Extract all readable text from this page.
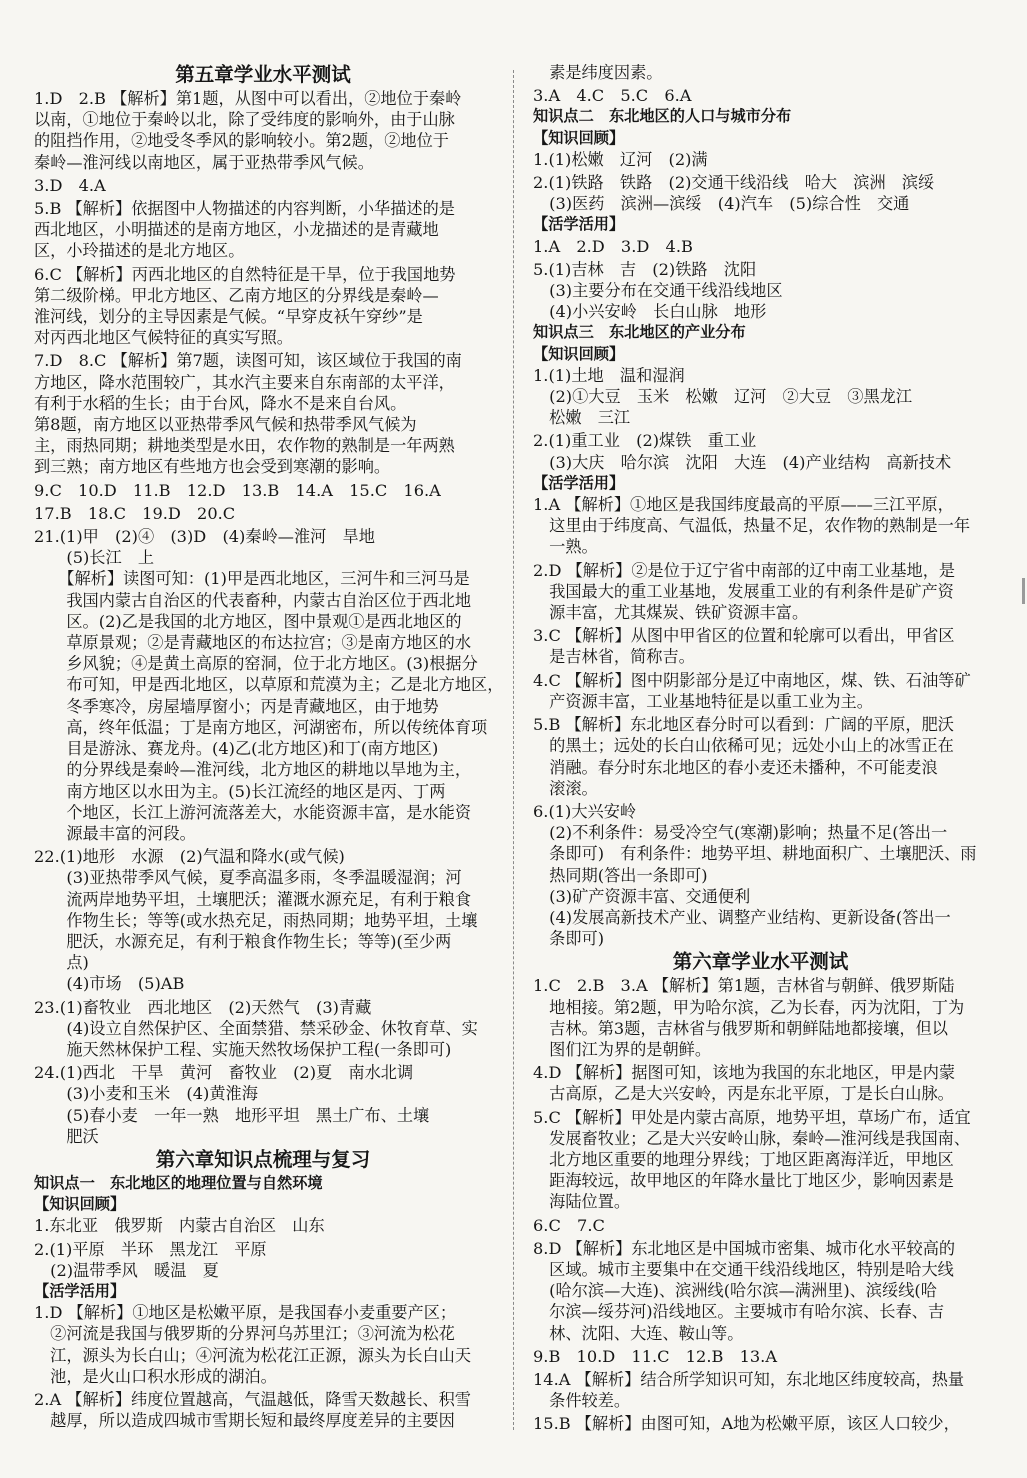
第五章学业水平测试
1.D　2.B 【解析】第1题，从图中可以看出，②地位于秦岭
以南，①地位于秦岭以北，除了受纬度的影响外，由于山脉
的阻挡作用，②地受冬季风的影响较小。第2题，②地位于
秦岭—淮河线以南地区，属于亚热带季风气候。
3.D　4.A
5.B 【解析】依据图中人物描述的内容判断，小华描述的是
西北地区，小明描述的是南方地区，小龙描述的是青藏地
区，小玲描述的是北方地区。
6.C 【解析】丙西北地区的自然特征是干旱，位于我国地势
第二级阶梯。甲北方地区、乙南方地区的分界线是秦岭—
淮河线，划分的主导因素是气候。“早穿皮袄午穿纱”是
对丙西北地区气候特征的真实写照。
7.D　8.C 【解析】第7题，读图可知，该区域位于我国的南
方地区，降水范围较广，其水汽主要来自东南部的太平洋，
有利于水稻的生长；由于台风，降水不是来自台风。
第8题，南方地区以亚热带季风气候和热带季风气候为
主，雨热同期；耕地类型是水田，农作物的熟制是一年两熟
到三熟；南方地区有些地方也会受到寒潮的影响。
9.C　10.D　11.B　12.D　13.B　14.A　15.C　16.A
17.B　18.C　19.D　20.C
21.(1)甲　(2)④　(3)D　(4)秦岭—淮河　旱地
　　(5)长江　上
　　【解析】读图可知：(1)甲是西北地区，三河牛和三河马是
　　我国内蒙古自治区的代表畜种，内蒙古自治区位于西北地
　　区。(2)乙是我国的北方地区，图中景观①是西北地区的
　　草原景观；②是青藏地区的布达拉宫；③是南方地区的水
　　乡风貌；④是黄土高原的窑洞，位于北方地区。(3)根据分
　　布可知，甲是西北地区，以草原和荒漠为主；乙是北方地区，
　　冬季寒冷，房屋墙厚窗小；丙是青藏地区，由于地势
　　高，终年低温；丁是南方地区，河湖密布，所以传统体育项
　　目是游泳、赛龙舟。(4)乙(北方地区)和丁(南方地区)
　　的分界线是秦岭—淮河线，北方地区的耕地以旱地为主，
　　南方地区以水田为主。(5)长江流经的地区是丙、丁两
　　个地区，长江上游河流落差大，水能资源丰富，是水能资
　　源最丰富的河段。
22.(1)地形　水源　(2)气温和降水(或气候)
　　(3)亚热带季风气候，夏季高温多雨，冬季温暖湿润；河
　　流两岸地势平坦，土壤肥沃；灌溉水源充足，有利于粮食
　　作物生长；等等(或水热充足，雨热同期；地势平坦，土壤
　　肥沃，水源充足，有利于粮食作物生长；等等)(至少两
　　点)
　　(4)市场　(5)AB
23.(1)畜牧业　西北地区　(2)天然气　(3)青藏
　　(4)设立自然保护区、全面禁猎、禁采砂金、休牧育草、实
　　施天然林保护工程、实施天然牧场保护工程(一条即可)
24.(1)西北　干旱　黄河　畜牧业　(2)夏　南水北调
　　(3)小麦和玉米　(4)黄淮海
　　(5)春小麦　一年一熟　地形平坦　黑土广布、土壤
　　肥沃
第六章知识点梳理与复习
知识点一　东北地区的地理位置与自然环境
【知识回顾】
1.东北亚　俄罗斯　内蒙古自治区　山东
2.(1)平原　半环　黑龙江　平原
　(2)温带季风　暖温　夏
【活学活用】
1.D 【解析】①地区是松嫩平原，是我国春小麦重要产区；
　②河流是我国与俄罗斯的分界河乌苏里江；③河流为松花
　江，源头为长白山；④河流为松花江正源，源头为长白山天
　池，是火山口积水形成的湖泊。
2.A 【解析】纬度位置越高，气温越低，降雪天数越长、积雪
　越厚，所以造成四城市雪期长短和最终厚度差异的主要因
　素是纬度因素。
3.A　4.C　5.C　6.A
知识点二　东北地区的人口与城市分布
【知识回顾】
1.(1)松嫩　辽河　(2)满
2.(1)铁路　铁路　(2)交通干线沿线　哈大　滨洲　滨绥
　(3)医药　滨洲—滨绥　(4)汽车　(5)综合性　交通
【活学活用】
1.A　2.D　3.D　4.B
5.(1)吉林　吉　(2)铁路　沈阳
　(3)主要分布在交通干线沿线地区
　(4)小兴安岭　长白山脉　地形
知识点三　东北地区的产业分布
【知识回顾】
1.(1)土地　温和湿润
　(2)①大豆　玉米　松嫩　辽河　②大豆　③黑龙江
　松嫩　三江
2.(1)重工业　(2)煤铁　重工业
　(3)大庆　哈尔滨　沈阳　大连　(4)产业结构　高新技术
【活学活用】
1.A 【解析】①地区是我国纬度最高的平原——三江平原，
　这里由于纬度高、气温低，热量不足，农作物的熟制是一年
　一熟。
2.D 【解析】②是位于辽宁省中南部的辽中南工业基地，是
　我国最大的重工业基地，发展重工业的有利条件是矿产资
　源丰富，尤其煤炭、铁矿资源丰富。
3.C 【解析】从图中甲省区的位置和轮廓可以看出，甲省区
　是吉林省，简称吉。
4.C 【解析】图中阴影部分是辽中南地区，煤、铁、石油等矿
　产资源丰富，工业基地特征是以重工业为主。
5.B 【解析】东北地区春分时可以看到：广阔的平原，肥沃
　的黑土；远处的长白山依稀可见；远处小山上的冰雪正在
　消融。春分时东北地区的春小麦还未播种，不可能麦浪
　滚滚。
6.(1)大兴安岭
　(2)不利条件：易受冷空气(寒潮)影响；热量不足(答出一
　条即可)　有利条件：地势平坦、耕地面积广、土壤肥沃、雨
　热同期(答出一条即可)
　(3)矿产资源丰富、交通便利
　(4)发展高新技术产业、调整产业结构、更新设备(答出一
　条即可)
第六章学业水平测试
1.C　2.B　3.A 【解析】第1题，吉林省与朝鲜、俄罗斯陆
　地相接。第2题，甲为哈尔滨，乙为长春，丙为沈阳，丁为
　吉林。第3题，吉林省与俄罗斯和朝鲜陆地都接壤，但以
　图们江为界的是朝鲜。
4.D 【解析】据图可知，该地为我国的东北地区，甲是内蒙
　古高原，乙是大兴安岭，丙是东北平原，丁是长白山脉。
5.C 【解析】甲处是内蒙古高原，地势平坦，草场广布，适宜
　发展畜牧业；乙是大兴安岭山脉，秦岭—淮河线是我国南、
　北方地区重要的地理分界线；丁地区距离海洋近，甲地区
　距海较远，故甲地区的年降水量比丁地区少，影响因素是
　海陆位置。
6.C　7.C
8.D 【解析】东北地区是中国城市密集、城市化水平较高的
　区域。城市主要集中在交通干线沿线地区，特别是哈大线
　(哈尔滨—大连)、滨洲线(哈尔滨—满洲里)、滨绥线(哈
　尔滨—绥芬河)沿线地区。主要城市有哈尔滨、长春、吉
　林、沈阳、大连、鞍山等。
9.B　10.D　11.C　12.B　13.A
14.A 【解析】结合所学知识可知，东北地区纬度较高，热量
　条件较差。
15.B 【解析】由图可知，A地为松嫩平原，该区人口较少，
